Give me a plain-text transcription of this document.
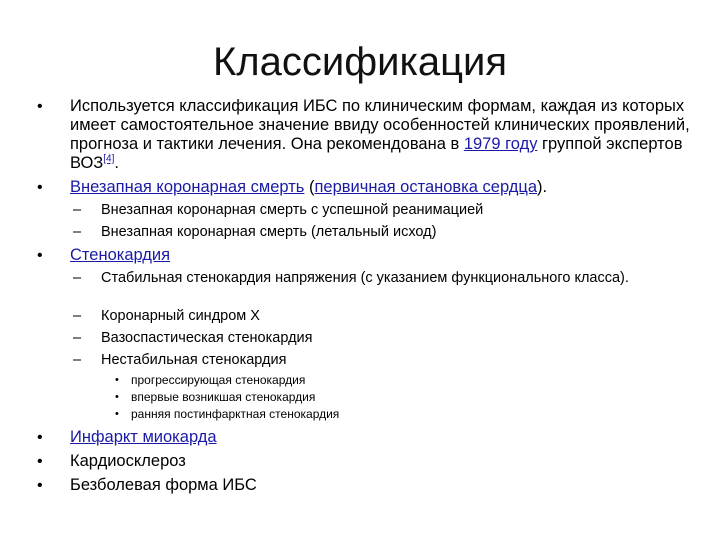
Классификация
• Используется классификация ИБС по клиническим формам, каждая из которых имеет самостоятельное значение ввиду особенностей клинических проявлений, прогноза и тактики лечения. Она рекомендована в 1979 году группой экспертов ВОЗ[4].
• Внезапная коронарная смерть (первичная остановка сердца).
– Внезапная коронарная смерть с успешной реанимацией
– Внезапная коронарная смерть (летальный исход)
• Стенокардия
– Стабильная стенокардия напряжения (с указанием функционального класса).
– Коронарный синдром X
– Вазоспастическая стенокардия
– Нестабильная стенокардия
• прогрессирующая стенокардия
• впервые возникшая стенокардия
• ранняя постинфарктная стенокардия
• Инфаркт миокарда
• Кардиосклероз
• Безболевая форма ИБС
